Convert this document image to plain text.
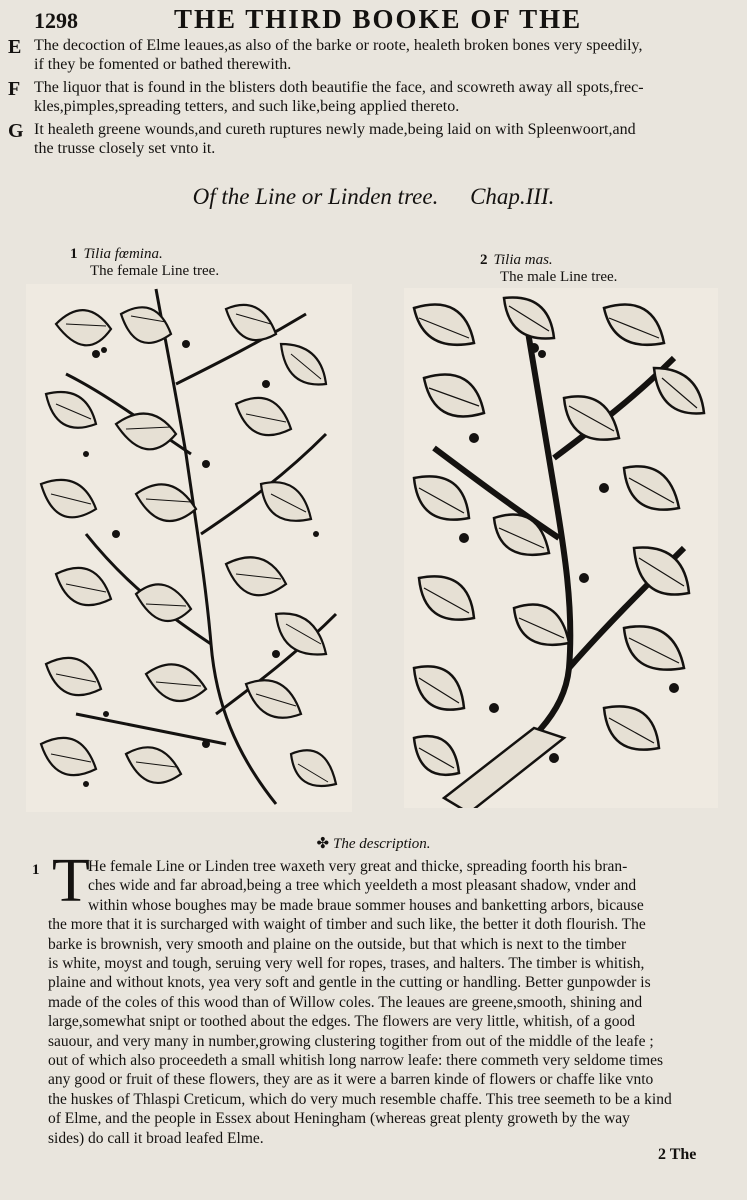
1298	THE THIRD BOOKE OF THE
E The decoction of Elme leaues,as also of the barke or roote, healeth broken bones very speedily,
if they be fomented or bathed therewith.
F The liquor that is found in the blisters doth beautifie the face, and scowreth away all spots,frec-
kles,pimples,spreading tetters, and such like,being applied thereto.
G It healeth greene wounds,and cureth ruptures newly made,being laid on with Spleenwoort,and
the trusse closely set vnto it.
Of the Line or Linden tree. Chap.III.
1 Tilia fœmina.
The female Line tree.
2 Tilia mas.
The male Line tree.
✤ The description.
1 T
He female Line or Linden tree waxeth very great and thicke, spreading foorth his bran-
ches wide and far abroad,being a tree which yeeldeth a most pleasant shadow, vnder and
within whose boughes may be made braue sommer houses and banketting arbors, bicause
the more that it is surcharged with waight of timber and such like, the better it doth flourish. The
barke is brownish, very smooth and plaine on the outside, but that which is next to the timber
is white, moyst and tough, seruing very well for ropes, trases, and halters. The timber is whitish,
plaine and without knots, yea very soft and gentle in the cutting or handling. Better gunpowder is
made of the coles of this wood than of Willow coles. The leaues are greene,smooth, shining and
large,somewhat snipt or toothed about the edges. The flowers are very little, whitish, of a good
sauour, and very many in number,growing clustering togither from out of the middle of the leafe ;
out of which also proceedeth a small whitish long narrow leafe: there commeth very seldome times
any good or fruit of these flowers, they are as it were a barren kinde of flowers or chaffe like vnto
the huskes of Thlaspi Creticum, which do very much resemble chaffe. This tree seemeth to be a kind
of Elme, and the people in Essex about Heningham (whereas great plenty groweth by the way
sides) do call it broad leafed Elme.
2 The
